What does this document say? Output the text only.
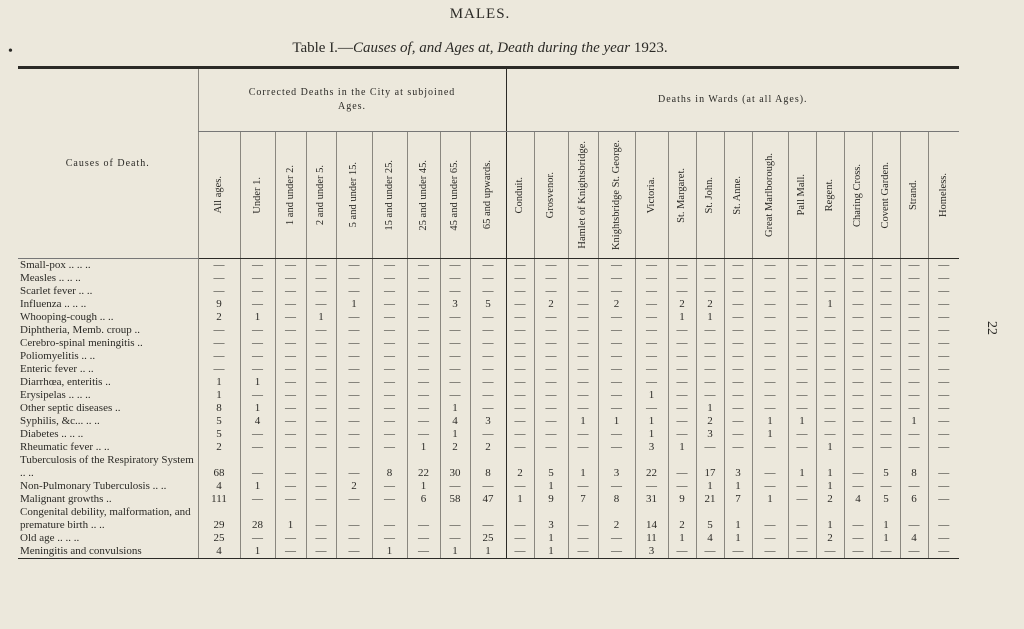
•
MALES.
Table I.—Causes of, and Ages at, Death during the year 1923.
22
Causes of Death.	Corrected Deaths in the City at subjoined Ages.									Deaths in Wards (at all Ages).														

	All ages.	Under 1.	1 and under 2.	2 and under 5.	5 and under 15.	15 and under 25.	25 and under 45.	45 and under 65.	65 and upwards.	Conduit.	Grosvenor.	Hamlet of Knightsbridge.	Knightsbridge St. George.	Victoria.	St. Margaret.	St. John.	St. Anne.	Great Marlborough.	Pall Mall.	Regent.	Charing Cross.	Covent Garden.	Strand.	Homeless.

Small-pox .. .. ..	—	—	—	—	—	—	—	—	—	—	—	—	—	—	—	—	—	—	—	—	—	—	—	—
Measles .. .. ..	—	—	—	—	—	—	—	—	—	—	—	—	—	—	—	—	—	—	—	—	—	—	—	—
Scarlet fever .. ..	—	—	—	—	—	—	—	—	—	—	—	—	—	—	—	—	—	—	—	—	—	—	—	—
Influenza .. .. ..	9	—	—	—	1	—	—	3	5	—	2	—	2	—	2	2	—	—	—	1	—	—	—	—
Whooping-cough .. ..	2	1	—	1	—	—	—	—	—	—	—	—	—	—	1	1	—	—	—	—	—	—	—	—
Diphtheria, Memb. croup ..	—	—	—	—	—	—	—	—	—	—	—	—	—	—	—	—	—	—	—	—	—	—	—	—
Cerebro-spinal meningitis ..	—	—	—	—	—	—	—	—	—	—	—	—	—	—	—	—	—	—	—	—	—	—	—	—
Poliomyelitis .. ..	—	—	—	—	—	—	—	—	—	—	—	—	—	—	—	—	—	—	—	—	—	—	—	—
Enteric fever .. ..	—	—	—	—	—	—	—	—	—	—	—	—	—	—	—	—	—	—	—	—	—	—	—	—
Diarrhœa, enteritis ..	1	1	—	—	—	—	—	—	—	—	—	—	—	—	—	—	—	—	—	—	—	—	—	—
Erysipelas .. .. ..	1	—	—	—	—	—	—	—	—	—	—	—	—	1	—	—	—	—	—	—	—	—	—	—
Other septic diseases ..	8	1	—	—	—	—	—	1	—	—	—	—	—	—	—	1	—	—	—	—	—	—	—	—
Syphilis, &c... .. ..	5	4	—	—	—	—	—	4	3	—	—	1	1	1	—	2	—	1	1	—	—	—	1	—
Diabetes .. .. ..	5	—	—	—	—	—	—	1	—	—	—	—	—	1	—	3	—	1	—	—	—	—	—	—
Rheumatic fever .. ..	2	—	—	—	—	—	1	2	2	—	—	—	—	3	1	—	—	—	—	1	—	—	—	—
Tuberculosis of the Respiratory System .. ..	68	—	—	—	—	8	22	30	8	2	5	1	3	22	—	17	3	—	1	1	—	5	8	—
Non-Pulmonary Tuberculosis .. ..	4	1	—	—	2	—	1	—	—	—	1	—	—	—	—	1	1	—	—	1	—	—	—	—
Malignant growths ..	111	—	—	—	—	—	6	58	47	1	9	7	8	31	9	21	7	1	—	2	4	5	6	—
Congenital debility, malformation, and premature birth .. ..	29	28	1	—	—	—	—	—	—	—	3	—	2	14	2	5	1	—	—	1	—	1	—	—
Old age .. .. ..	25	—	—	—	—	—	—	—	25	—	1	—	—	11	1	4	1	—	—	2	—	1	4	—
Meningitis and convulsions	4	1	—	—	—	1	—	1	1	—	1	—	—	3	—	—	—	—	—	—	—	—	—	—
